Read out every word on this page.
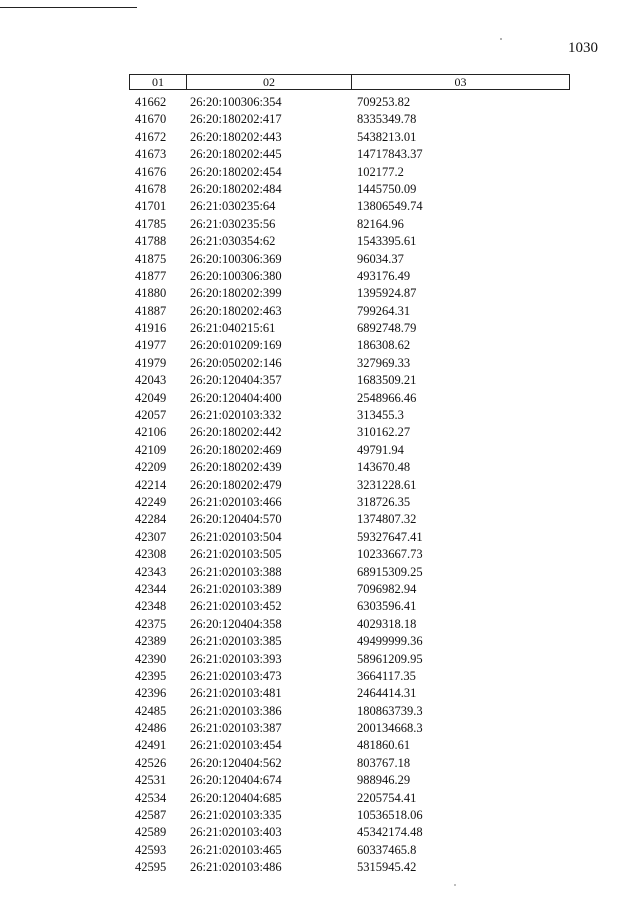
1030
01	02	03
41662 26:20:100306:354	709253.82
41670 26:20:180202:417	8335349.78
41672 26:20:180202:443	5438213.01
41673 26:20:180202:445	14717843.37
41676 26:20:180202:454	102177.2
41678 26:20:180202:484	1445750.09
41701 26:21:030235:64	13806549.74
41785 26:21:030235:56	82164.96
41788 26:21:030354:62	1543395.61
41875 26:20:100306:369	96034.37
41877 26:20:100306:380	493176.49
41880 26:20:180202:399	1395924.87
41887 26:20:180202:463	799264.31
41916 26:21:040215:61	6892748.79
41977 26:20:010209:169	186308.62
41979 26:20:050202:146	327969.33
42043 26:20:120404:357	1683509.21
42049 26:20:120404:400	2548966.46
42057 26:21:020103:332	313455.3
42106 26:20:180202:442	310162.27
42109 26:20:180202:469	49791.94
42209 26:20:180202:439	143670.48
42214 26:20:180202:479	3231228.61
42249 26:21:020103:466	318726.35
42284 26:20:120404:570	1374807.32
42307 26:21:020103:504	59327647.41
42308 26:21:020103:505	10233667.73
42343 26:21:020103:388	68915309.25
42344 26:21:020103:389	7096982.94
42348 26:21:020103:452	6303596.41
42375 26:20:120404:358	4029318.18
42389 26:21:020103:385	49499999.36
42390 26:21:020103:393	58961209.95
42395 26:21:020103:473	3664117.35
42396 26:21:020103:481	2464414.31
42485 26:21:020103:386	180863739.3
42486 26:21:020103:387	200134668.3
42491 26:21:020103:454	481860.61
42526 26:20:120404:562	803767.18
42531 26:20:120404:674	988946.29
42534 26:20:120404:685	2205754.41
42587 26:21:020103:335	10536518.06
42589 26:21:020103:403	45342174.48
42593 26:21:020103:465	60337465.8
42595 26:21:020103:486	5315945.42
